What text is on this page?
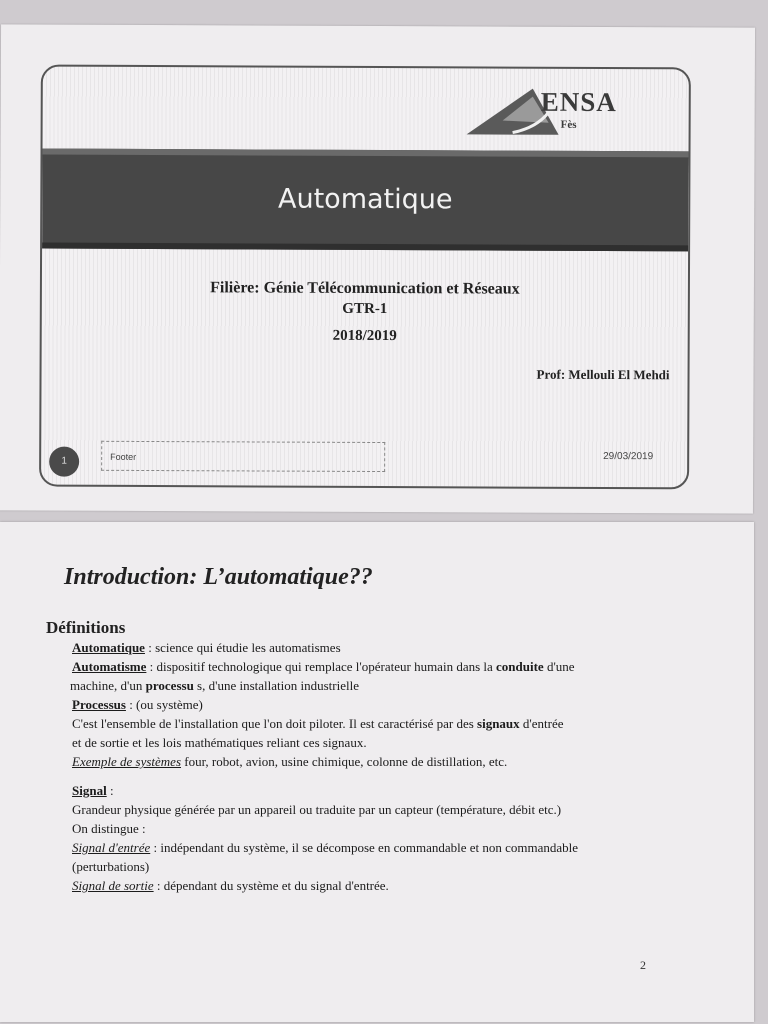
ENSA
Fès
Automatique
Filière: Génie Télécommunication et Réseaux
GTR-1
2018/2019
Prof: Mellouli El Mehdi
1	Footer	29/03/2019
Introduction: L’automatique??
Définitions
Automatique : science qui étudie les automatismes
Automatisme : dispositif technologique qui remplace l'opérateur humain dans la conduite d'une
machine, d'un processu s, d'une installation industrielle
Processus : (ou système)
C'est l'ensemble de l'installation que l'on doit piloter. Il est caractérisé par des signaux d'entrée
et de sortie et les lois mathématiques reliant ces signaux.
Exemple de systèmes four, robot, avion, usine chimique, colonne de distillation, etc.
Signal :
Grandeur physique générée par un appareil ou traduite par un capteur (température, débit etc.)
On distingue :
Signal d'entrée : indépendant du système, il se décompose en commandable et non commandable
(perturbations)
Signal de sortie : dépendant du système et du signal d'entrée.
2
